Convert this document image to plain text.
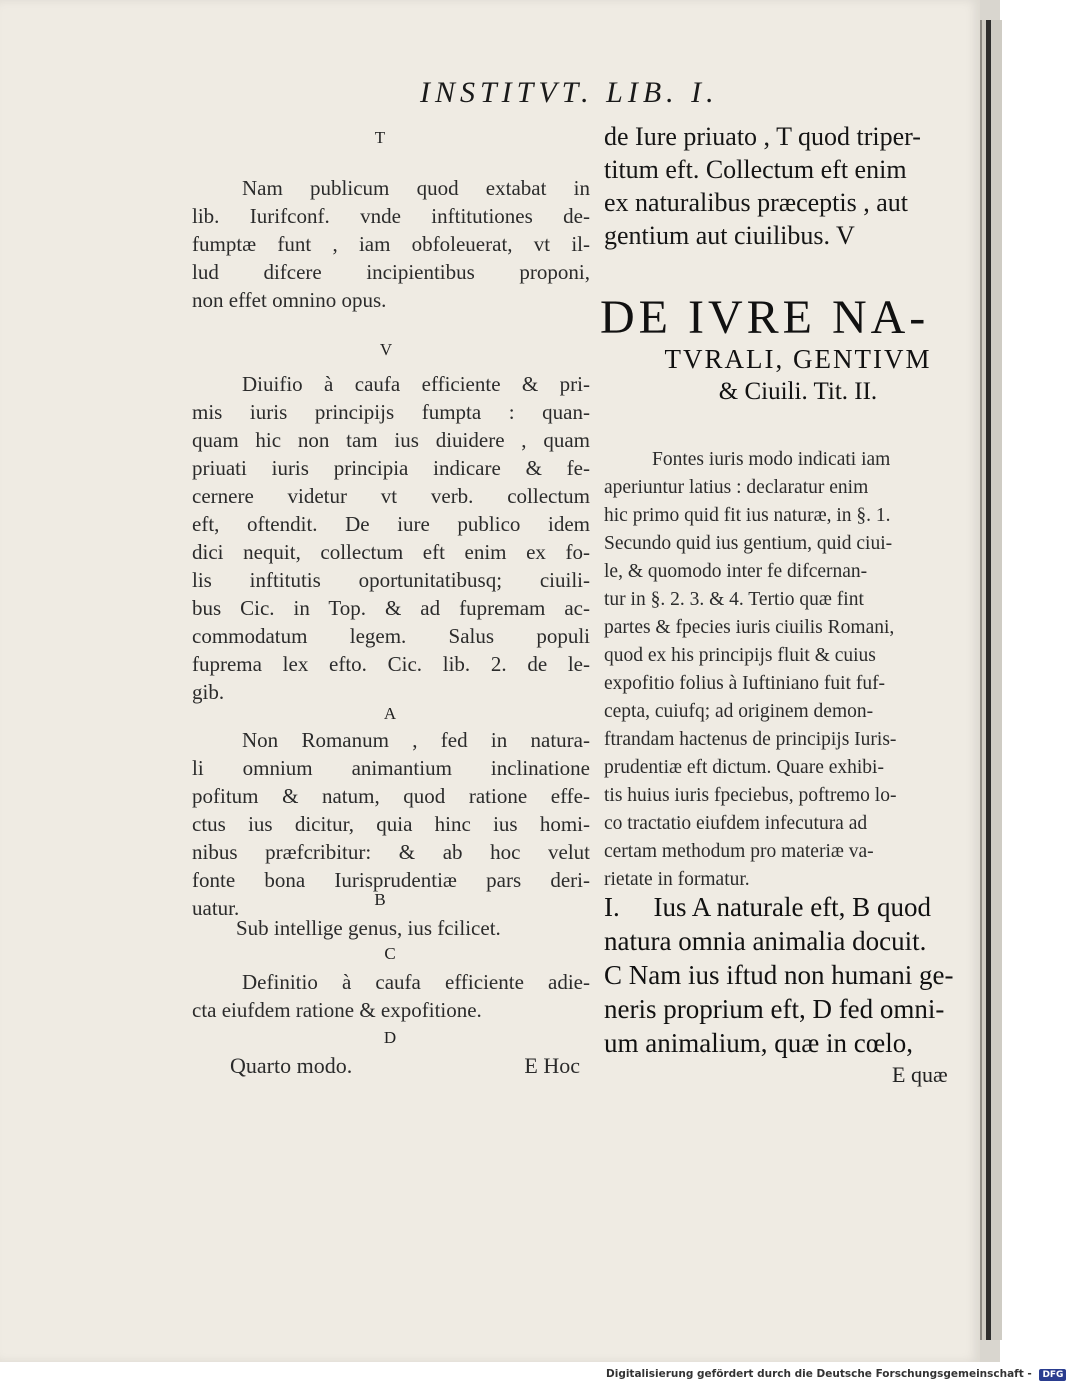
INSTITVT. LIB. I.
T
Nam publicum quod extabat in
lib. Iurifconf. vnde inftitutiones de-
fumptæ funt , iam obfoleuerat, vt il-
lud difcere incipientibus proponi,
non effet omnino opus.
V
Diuifio à caufa efficiente & pri-
mis iuris principijs fumpta : quan-
quam hic non tam ius diuidere , quam
priuati iuris principia indicare & fe-
cernere videtur vt verb. collectum
eft, oftendit. De iure publico idem
dici nequit, collectum eft enim ex fo-
lis inftitutis oportunitatibusq; ciuili-
bus Cic. in Top. & ad fupremam ac-
commodatum legem. Salus populi
fuprema lex efto. Cic. lib. 2. de le-
gib.
A
Non Romanum , fed in natura-
li omnium animantium inclinatione
pofitum & natum, quod ratione effe-
ctus ius dicitur, quia hinc ius homi-
nibus præfcribitur: & ab hoc velut
fonte bona Iurisprudentiæ pars deri-
uatur.	B
Sub intellige genus, ius fcilicet.
C
Definitio à caufa efficiente adie-
cta eiufdem ratione & expofitione.
D
Quarto modo.	E Hoc
de Iure priuato , T quod triper-
titum eft. Collectum eft enim
ex naturalibus præceptis , aut
gentium aut ciuilibus. V
DE IVRE NA-
TVRALI, GENTIVM
& Ciuili. Tit. II.
Fontes iuris modo indicati iam
aperiuntur latius : declaratur enim
hic primo quid fit ius naturæ, in §. 1.
Secundo quid ius gentium, quid ciui-
le, & quomodo inter fe difcernan-
tur in §. 2. 3. & 4. Tertio quæ fint
partes & fpecies iuris ciuilis Romani,
quod ex his principijs fluit & cuius
expofitio folius à Iuftiniano fuit fuf-
cepta, cuiufq; ad originem demon-
ftrandam hactenus de principijs Iuris-
prudentiæ eft dictum. Quare exhibi-
tis huius iuris fpeciebus, poftremo lo-
co tractatio eiufdem infecutura ad
certam methodum pro materiæ va-
rietate in formatur.
I.     Ius A naturale eft, B quod
natura omnia animalia docuit.
C Nam ius iftud non humani ge-
neris proprium eft, D fed omni-
um animalium, quæ in cœlo,
E quæ
Digitalisierung gefördert durch die Deutsche Forschungsgemeinschaft - DFG
